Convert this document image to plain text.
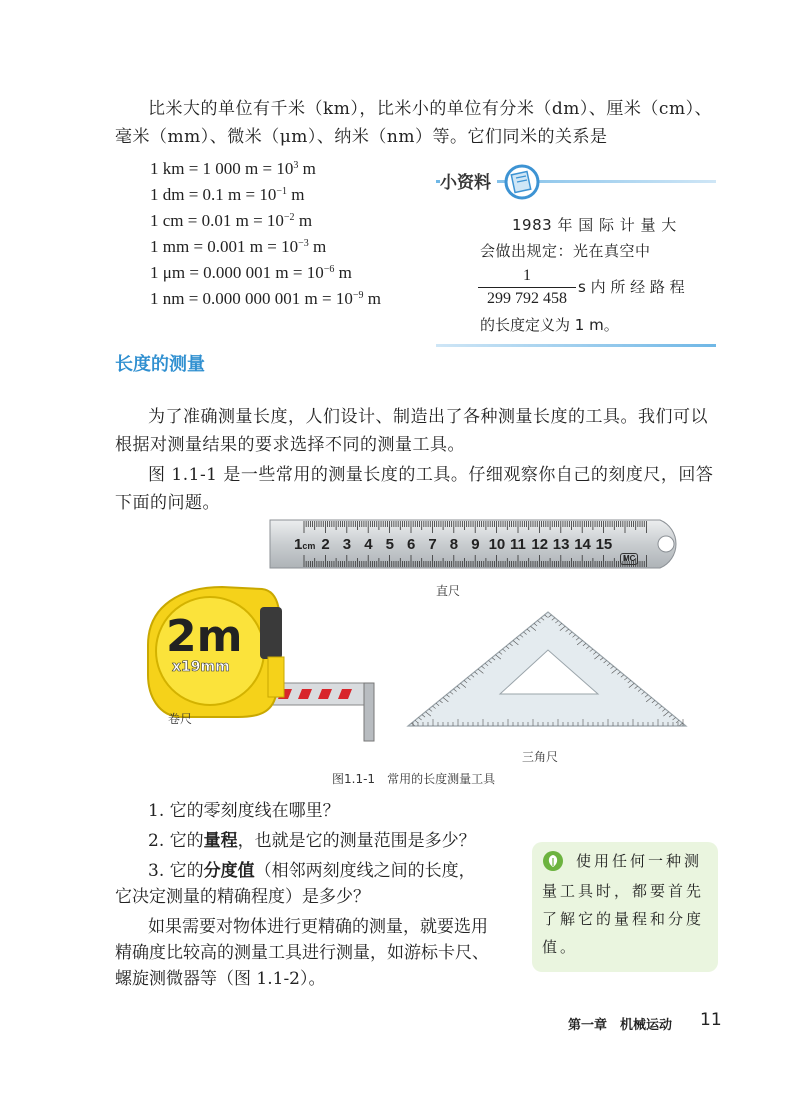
比米大的单位有千米（km），比米小的单位有分米（dm）、厘米（cm）、
毫米（mm）、微米（μm）、纳米（nm）等。它们同米的关系是
1 km = 1 000 $m = 10^3$ m
1 dm = 0.1 $m = 10^{-1}$ m
1 cm = 0.01 $m = 10^{-2}$ m
1 mm = 0.001 $m = 10^{-3}$ m
1 μm = 0.000 001 $m = 10^{-6}$ m
1 nm = 0.000 000 001 $m = 10^{-9}$ m
小资料
1983 年 国 际 计 量 大
会做出规定：光在真空中
1
299 792 458
s 内 所 经 路 程
的长度定义为 1 m。
长度的测量
为了准确测量长度，人们设计、制造出了各种测量长度的工具。我们可以
根据对测量结果的要求选择不同的测量工具。
图 1.1-1 是一些常用的测量长度的工具。仔细观察你自己的刻度尺，回答
下面的问题。
1cm 2 3 4 5 6 7 8 9 10 11 12 13 14 15
MC
直尺
2m
x19mm
卷尺
三角尺
图1.1-1　 常用的长度测量工具
1. 它的零刻度线在哪里？
2. 它的量程，也就是它的测量范围是多少？
3. 它的分度值（相邻两刻度线之间的长度，
它决定测量的精确程度）是多少？
如果需要对物体进行更精确的测量，就要选用
精确度比较高的测量工具进行测量，如游标卡尺、
螺旋测微器等（图 1.1-2）。
使用任何一种测
量工具时，都要首先
了解它的量程和分度
值。
第一章　机械运动 11
